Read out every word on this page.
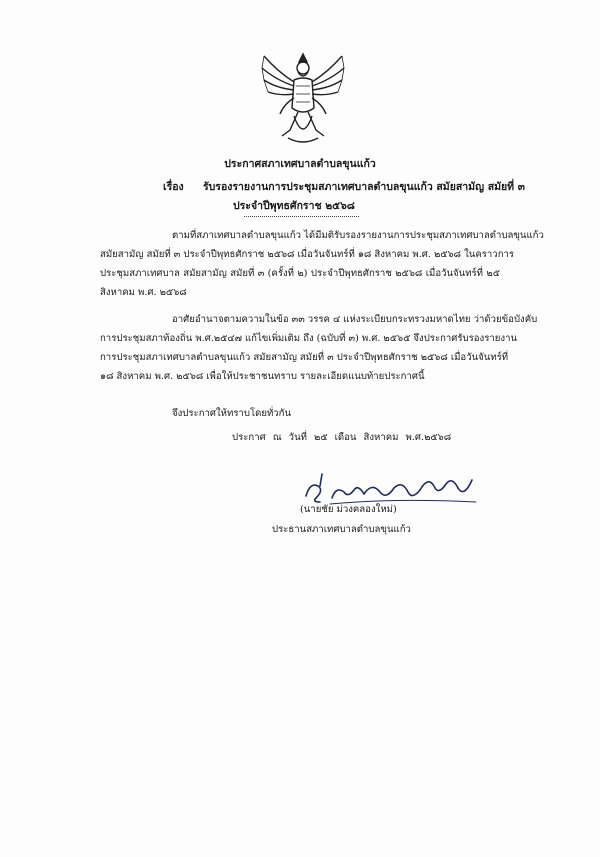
ประกาศสภาเทศบาลตำบลขุนแก้ว
เรื่อง รับรองรายงานการประชุมสภาเทศบาลตำบลขุนแก้ว สมัยสามัญ สมัยที่ ๓
ประจำปีพุทธศักราช ๒๕๖๘
ตามที่สภาเทศบาลตำบลขุนแก้ว ได้มีมติรับรองรายงานการประชุมสภาเทศบาลตำบลขุนแก้ว
สมัยสามัญ สมัยที่ ๓ ประจำปีพุทธศักราช ๒๕๖๘ เมื่อวันจันทร์ที่ ๑๘ สิงหาคม พ.ศ. ๒๕๖๘ ในคราวการ
ประชุมสภาเทศบาล สมัยสามัญ สมัยที่ ๓ (ครั้งที่ ๒) ประจำปีพุทธศักราช ๒๕๖๘ เมื่อวันจันทร์ที่ ๒๕
สิงหาคม พ.ศ. ๒๕๖๘
อาศัยอำนาจตามความในข้อ ๓๓ วรรค ๔ แห่งระเบียบกระทรวงมหาดไทย ว่าด้วยข้อบังคับ
การประชุมสภาท้องถิ่น พ.ศ.๒๕๔๗ แก้ไขเพิ่มเติม ถึง (ฉบับที่ ๓) พ.ศ. ๒๕๖๕ จึงประกาศรับรองรายงาน
การประชุมสภาเทศบาลตำบลขุนแก้ว สมัยสามัญ สมัยที่ ๓ ประจำปีพุทธศักราช ๒๕๖๘ เมื่อวันจันทร์ที่
๑๘ สิงหาคม พ.ศ. ๒๕๖๘ เพื่อให้ประชาชนทราบ รายละเอียดแนบท้ายประกาศนี้
จึงประกาศให้ทราบโดยทั่วกัน
ประกาศ ณ วันที่ ๒๕ เดือน สิงหาคม พ.ศ.๒๕๖๘
(นายชัย ม่วงคลองใหม่)
ประธานสภาเทศบาลตำบลขุนแก้ว
